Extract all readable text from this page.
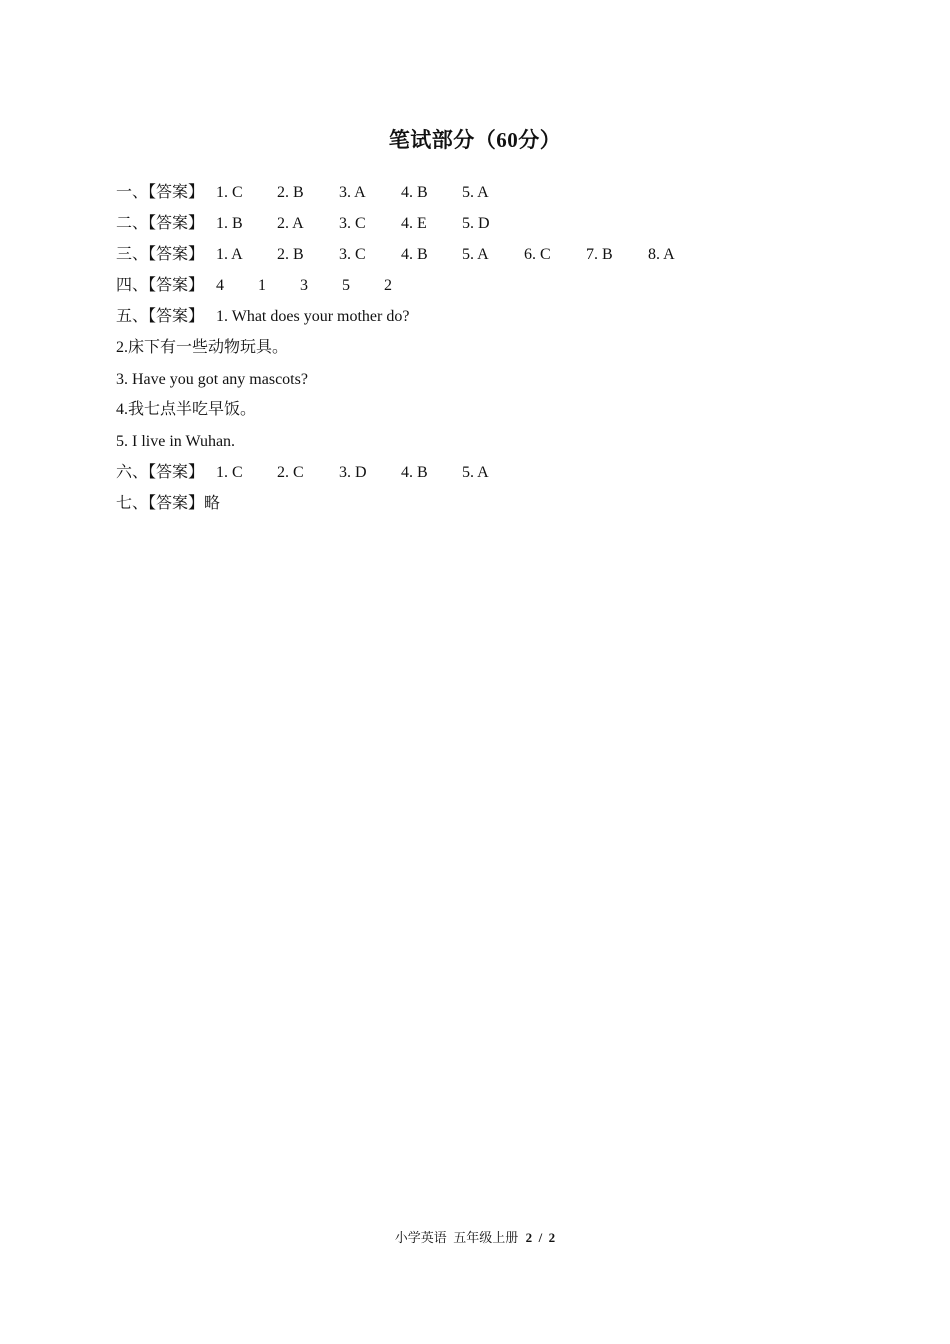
笔试部分（60分）
一、【答案】 1. C 2. B 3. A 4. B 5. A
二、【答案】 1. B 2. A 3. C 4. E 5. D
三、【答案】 1. A 2. B 3. C 4. B 5. A 6. C 7. B 8. A
四、【答案】 4 1 3 5 2
五、【答案】 1. What does your mother do?
2.床下有一些动物玩具。
3. Have you got any mascots?
4.我七点半吃早饭。
5. I live in Wuhan.
六、【答案】 1. C 2. C 3. D 4. B 5. A
七、【答案】略
小学英语  五年级上册 2  /  2
